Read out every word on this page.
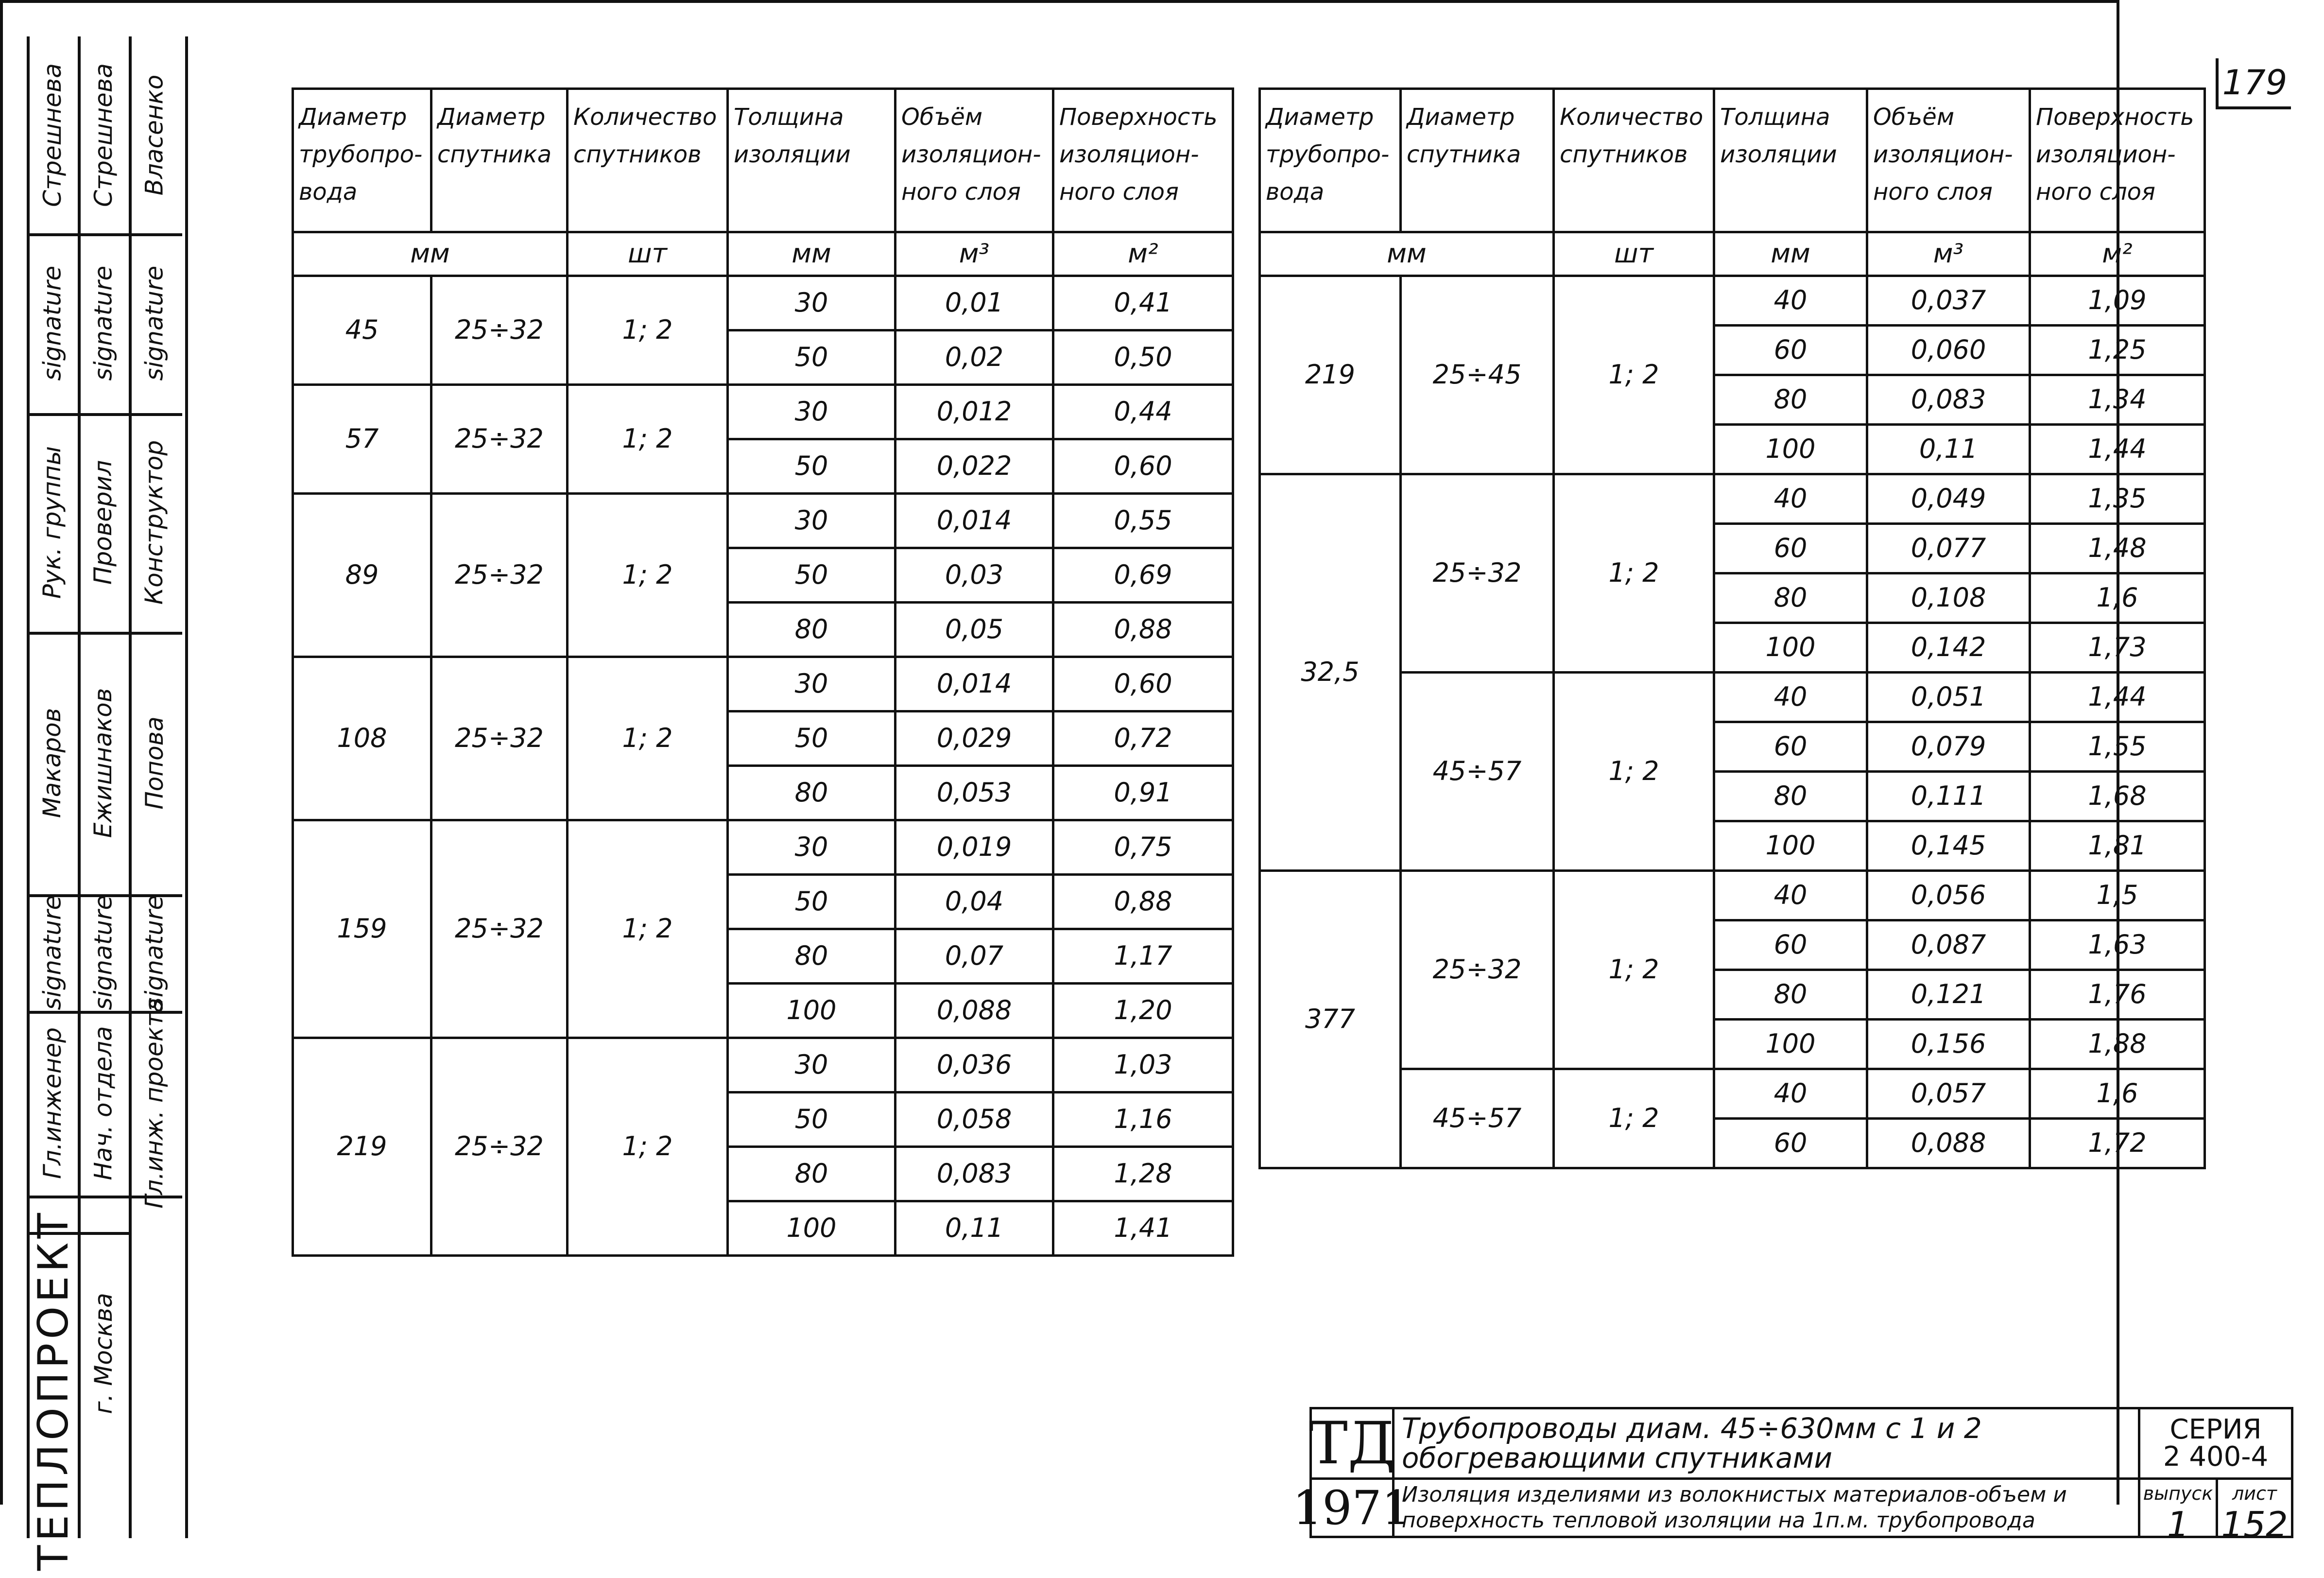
179
Гл.инженер Нач. отдела Гл.инж. проекта
signature signature signature
Макаров Ежишнаков Попова
Рук. группы Проверил Конструктор
signature signature signature
Стрешнева Стрешнева Власенко
ТЕПЛОПРОЕКТ г. Москва
Диаметр трубопро- вода	Диаметр спутника	Количество спутников	Толщина изоляции	Объём изоляцион- ного слоя	Поверхность изоляцион- ного слоя
мм		шт	мм	м³	м²
45	25÷32	1; 2	30	0,01	0,41
			50	0,02	0,50
57	25÷32	1; 2	30	0,012	0,44
			50	0,022	0,60
89	25÷32	1; 2	30	0,014	0,55
			50	0,03	0,69
			80	0,05	0,88
108	25÷32	1; 2	30	0,014	0,60
			50	0,029	0,72
			80	0,053	0,91
159	25÷32	1; 2	30	0,019	0,75
			50	0,04	0,88
			80	0,07	1,17
			100	0,088	1,20
219	25÷32	1; 2	30	0,036	1,03
			50	0,058	1,16
			80	0,083	1,28
			100	0,11	1,41
Диаметр трубопро- вода	Диаметр спутника	Количество спутников	Толщина изоляции	Объём изоляцион- ного слоя	Поверхность изоляцион- ного слоя
мм		шт	мм	м³	м²
219	25÷45	1; 2	40	0,037	1,09
			60	0,060	1,25
			80	0,083	1,34
			100	0,11	1,44
32,5	25÷32	1; 2	40	0,049	1,35
			60	0,077	1,48
			80	0,108	1,6
			100	0,142	1,73
	45÷57	1; 2	40	0,051	1,44
			60	0,079	1,55
			80	0,111	1,68
			100	0,145	1,81
377	25÷32	1; 2	40	0,056	1,5
			60	0,087	1,63
			80	0,121	1,76
			100	0,156	1,88
	45÷57	1; 2	40	0,057	1,6
			60	0,088	1,72
ТД
1971
Трубопроводы диам. 45÷630мм с 1 и 2 обогревающими спутниками
Изоляция изделиями из волокнистых материалов-объем и поверхность тепловой изоляции на 1п.м. трубопровода
СЕРИЯ
2 400-4
выпуск
1
лист
152
